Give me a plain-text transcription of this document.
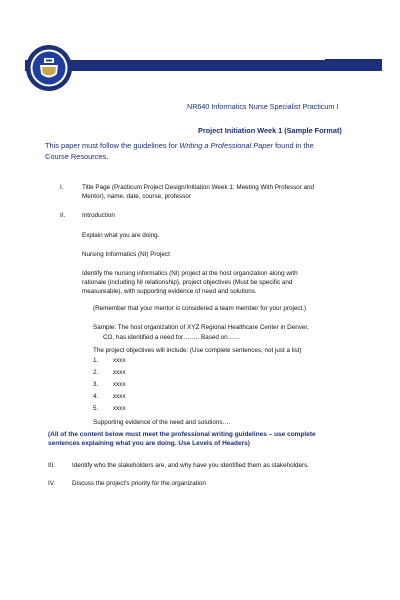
NR640 Informatics Nurse Specialist Practicum I
Project Initiation Week 1 (Sample Format)
This paper must follow the guidelines for Writing a Professional Paper found in the
Course Resources.
I.	Title Page (Practicum Project Design/Initiation Week 1: Meeting With Professor and
Mentor), name, date, course, professor
II.	Introduction
Explain what you are doing.
Nursing Informatics (NI) Project
Identify the nursing informatics (NI) project at the host organization along with
rationale (including NI relationship), project objectives (Must be specific and
measureable), with supporting evidence of need and solutions.
(Remember that your mentor is considered a team member for your project.)
Sample: The host organization of XYZ Regional Healthcare Center in Denver,
CO, has identified a need for…….. Based on……
The project objectives will include: (Use complete sentences, not just a list)
1. xxxx
2. xxxx
3. xxxx
4. xxxx
5. xxxx
Supporting evidence of the need and solutions….
(All of the content below must meet the professional writing guidelines – use complete
sentences explaining what you are doing. Use Levels of Headers)
III.	Identify who the stakeholders are, and why have you identified them as stakeholders.
IV.	Discuss the project's priority for the organization
